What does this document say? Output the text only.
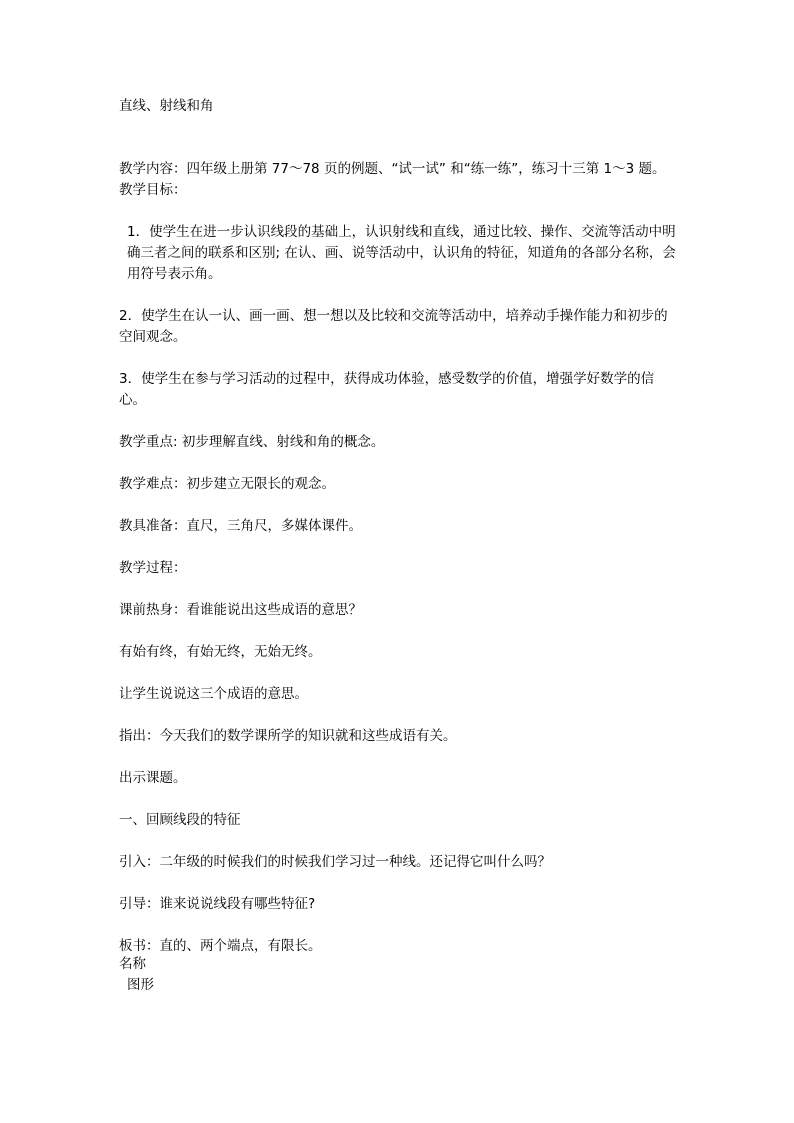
直线、射线和角
教学内容：四年级上册第 77～78 页的例题、“试一试” 和“练一练”，练习十三第 1～3 题。
教学目标：
1．使学生在进一步认识线段的基础上，认识射线和直线，通过比较、操作、交流等活动中明确三者之间的联系和区别; 在认、画、说等活动中，认识角的特征，知道角的各部分名称，会用符号表示角。
2．使学生在认一认、画一画、想一想以及比较和交流等活动中，培养动手操作能力和初步的空间观念。
3．使学生在参与学习活动的过程中，获得成功体验，感受数学的价值，增强学好数学的信心。
教学重点: 初步理解直线、射线和角的概念。
教学难点：初步建立无限长的观念。
教具准备：直尺，三角尺，多媒体课件。
教学过程：
课前热身：看谁能说出这些成语的意思？
有始有终，有始无终，无始无终。
让学生说说这三个成语的意思。
指出：今天我们的数学课所学的知识就和这些成语有关。
出示课题。
一、回顾线段的特征
引入：二年级的时候我们的时候我们学习过一种线。还记得它叫什么吗？
引导：谁来说说线段有哪些特征?
板书：直的、两个端点，有限长。
名称
图形
